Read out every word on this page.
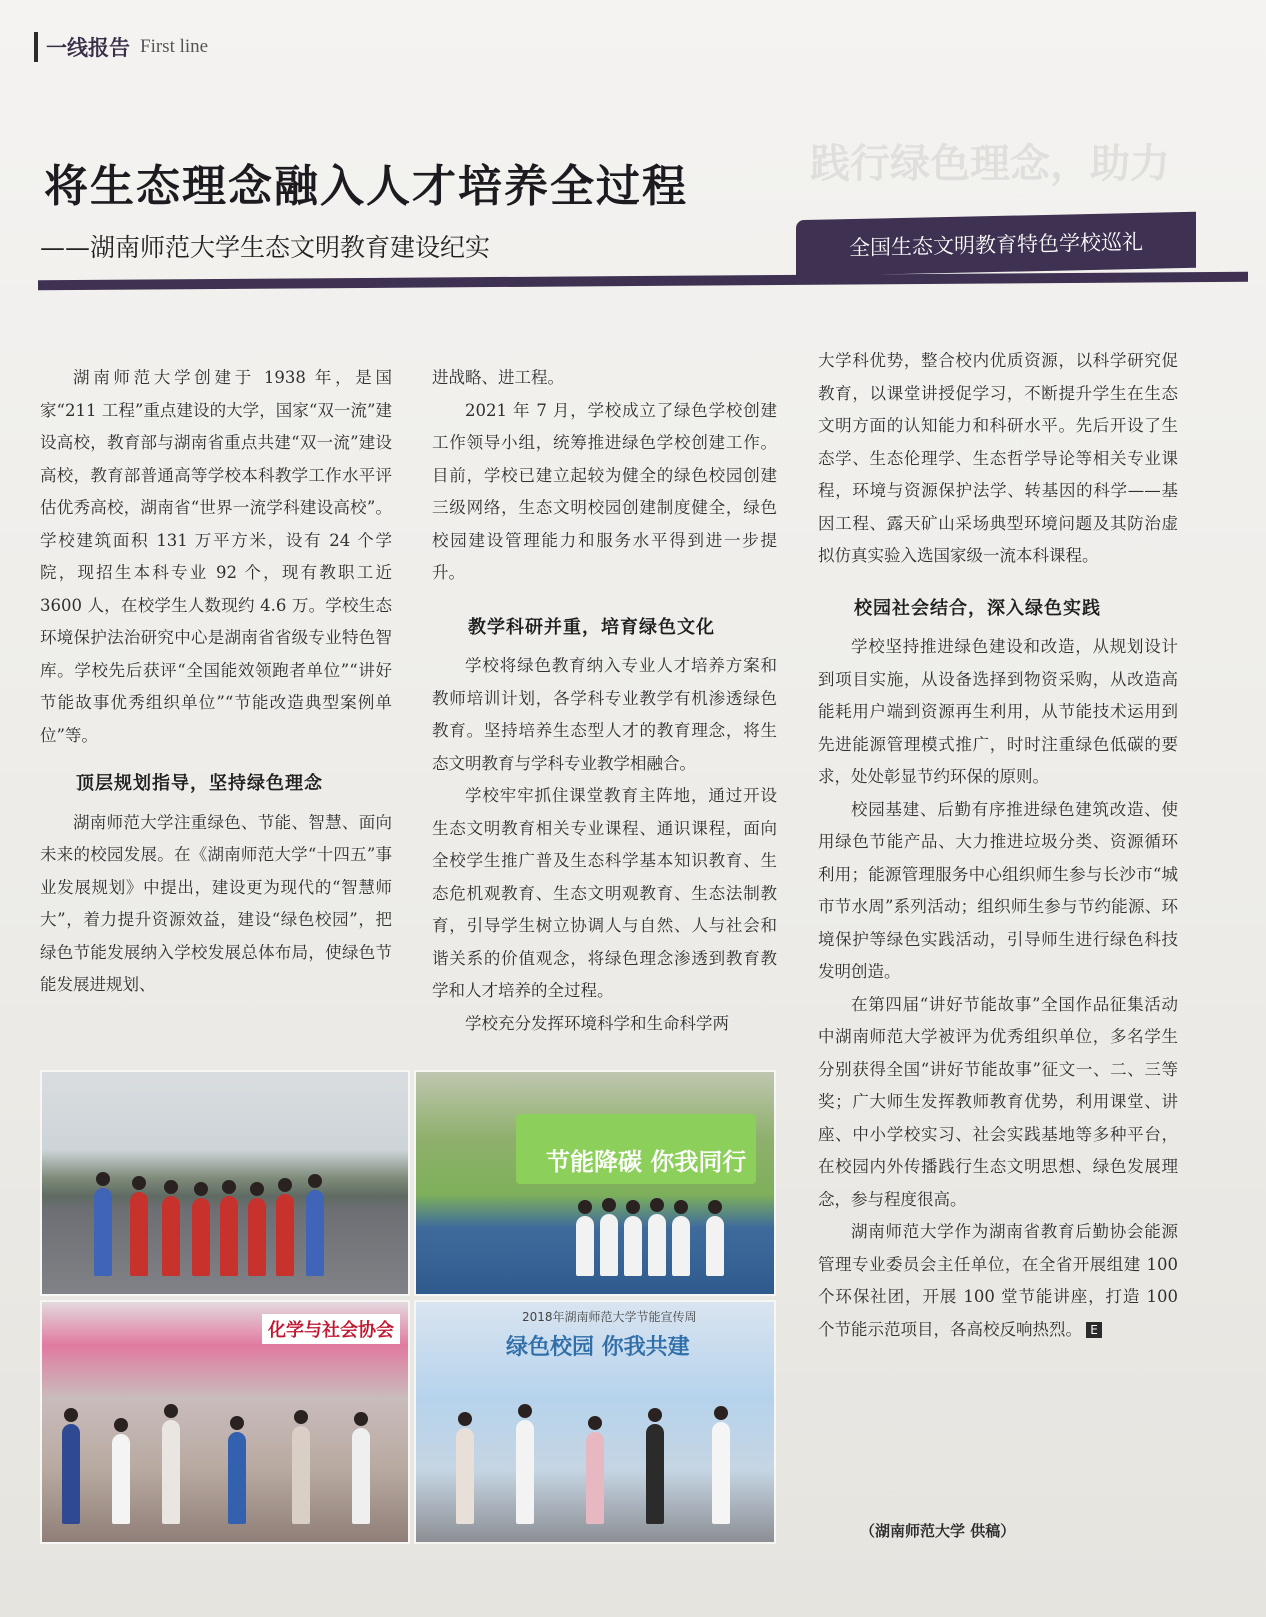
一线报告 First line
践行绿色理念，助力
将生态理念融入人才培养全过程
——湖南师范大学生态文明教育建设纪实	全国生态文明教育特色学校巡礼

湖南师范大学创建于 1938 年，是国家“211 工程”重点建设的大学，国家“双一流”建设高校，教育部与湖南省重点共建“双一流”建设高校，教育部普通高等学校本科教学工作水平评估优秀高校，湖南省“世界一流学科建设高校”。学校建筑面积 131 万平方米，设有 24 个学院，现招生本科专业 92 个，现有教职工近 3600 人，在校学生人数现约 4.6 万。学校生态环境保护法治研究中心是湖南省省级专业特色智库。学校先后获评“全国能效领跑者单位”“讲好节能故事优秀组织单位”“节能改造典型案例单位”等。

顶层规划指导，坚持绿色理念

湖南师范大学注重绿色、节能、智慧、面向未来的校园发展。在《湖南师范大学“十四五”事业发展规划》中提出，建设更为现代的“智慧师大”，着力提升资源效益，建设“绿色校园”，把绿色节能发展纳入学校发展总体布局，使绿色节能发展进规划、

进战略、进工程。

2021 年 7 月，学校成立了绿色学校创建工作领导小组，统筹推进绿色学校创建工作。目前，学校已建立起较为健全的绿色校园创建三级网络，生态文明校园创建制度健全，绿色校园建设管理能力和服务水平得到进一步提升。

教学科研并重，培育绿色文化

学校将绿色教育纳入专业人才培养方案和教师培训计划，各学科专业教学有机渗透绿色教育。坚持培养生态型人才的教育理念，将生态文明教育与学科专业教学相融合。

学校牢牢抓住课堂教育主阵地，通过开设生态文明教育相关专业课程、通识课程，面向全校学生推广普及生态科学基本知识教育、生态危机观教育、生态文明观教育、生态法制教育，引导学生树立协调人与自然、人与社会和谐关系的价值观念，将绿色理念渗透到教育教学和人才培养的全过程。

学校充分发挥环境科学和生命科学两

大学科优势，整合校内优质资源，以科学研究促教育，以课堂讲授促学习，不断提升学生在生态文明方面的认知能力和科研水平。先后开设了生态学、生态伦理学、生态哲学导论等相关专业课程，环境与资源保护法学、转基因的科学——基因工程、露天矿山采场典型环境问题及其防治虚拟仿真实验入选国家级一流本科课程。

校园社会结合，深入绿色实践

学校坚持推进绿色建设和改造，从规划设计到项目实施，从设备选择到物资采购，从改造高能耗用户端到资源再生利用，从节能技术运用到先进能源管理模式推广，时时注重绿色低碳的要求，处处彰显节约环保的原则。

校园基建、后勤有序推进绿色建筑改造、使用绿色节能产品、大力推进垃圾分类、资源循环利用；能源管理服务中心组织师生参与长沙市“城市节水周”系列活动；组织师生参与节约能源、环境保护等绿色实践活动，引导师生进行绿色科技发明创造。

在第四届“讲好节能故事”全国作品征集活动中湖南师范大学被评为优秀组织单位，多名学生分别获得全国“讲好节能故事”征文一、二、三等奖；广大师生发挥教师教育优势，利用课堂、讲座、中小学校实习、社会实践基地等多种平台，在校园内外传播践行生态文明思想、绿色发展理念，参与程度很高。

湖南师范大学作为湖南省教育后勤协会能源管理专业委员会主任单位，在全省开展组建 100 个环保社团，开展 100 堂节能讲座，打造 100 个节能示范项目，各高校反响热烈。 E

（湖南师范大学 供稿）
节能降碳 你我同行
化学与社会协会
2018年湖南师范大学节能宣传周
绿色校园 你我共建
